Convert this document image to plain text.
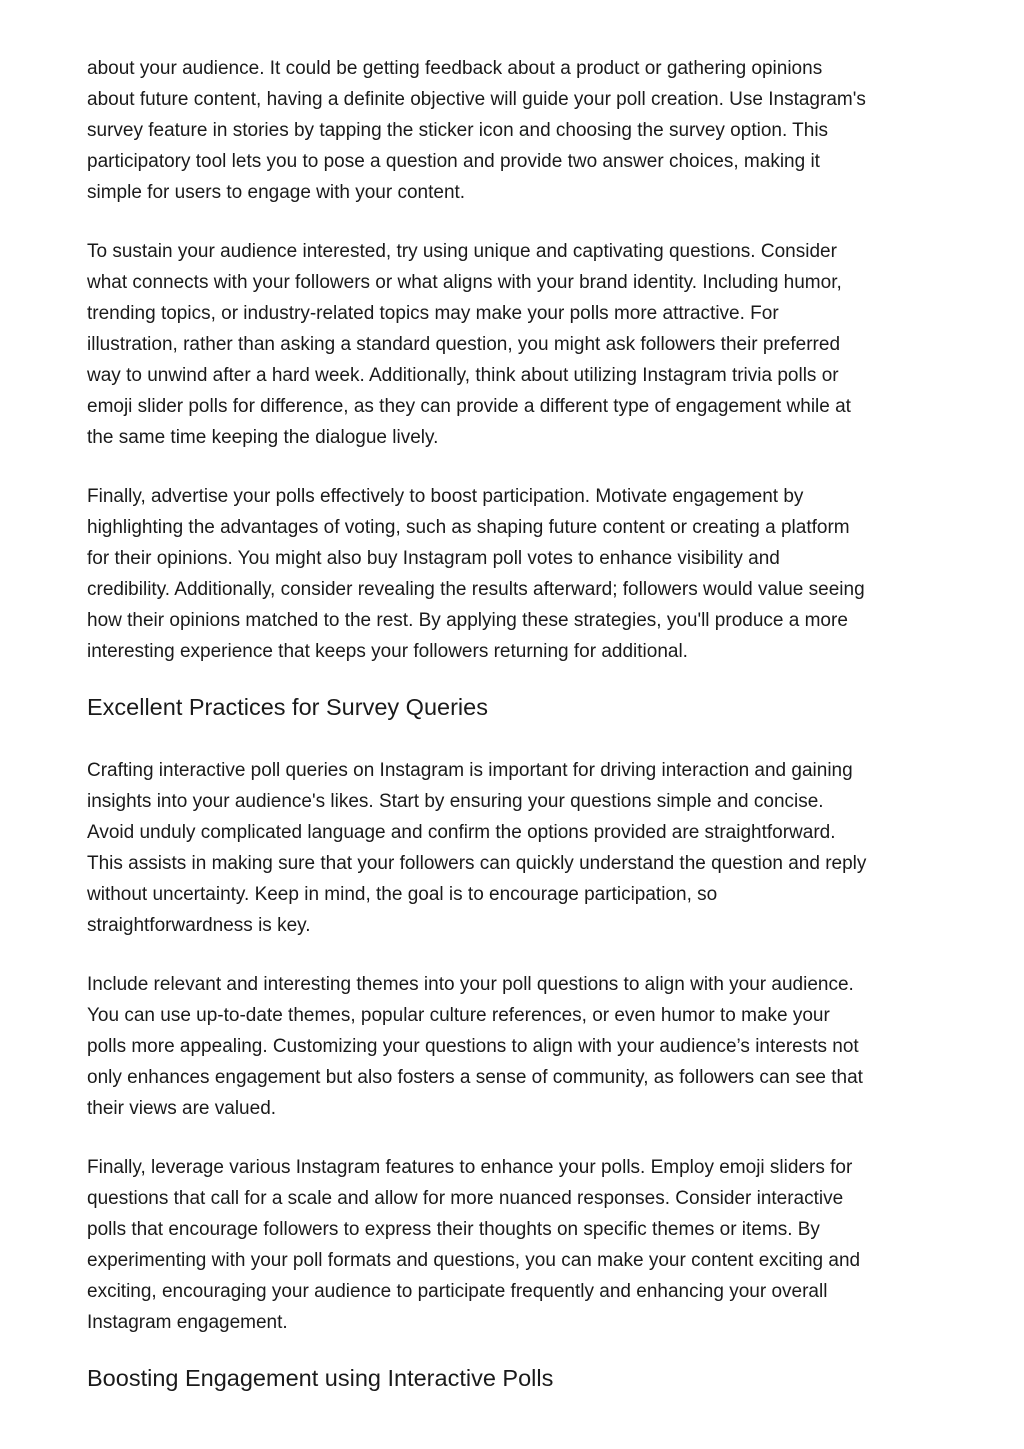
about your audience. It could be getting feedback about a product or gathering opinions
about future content, having a definite objective will guide your poll creation. Use Instagram's
survey feature in stories by tapping the sticker icon and choosing the survey option. This
participatory tool lets you to pose a question and provide two answer choices, making it
simple for users to engage with your content.

To sustain your audience interested, try using unique and captivating questions. Consider
what connects with your followers or what aligns with your brand identity. Including humor,
trending topics, or industry-related topics may make your polls more attractive. For
illustration, rather than asking a standard question, you might ask followers their preferred
way to unwind after a hard week. Additionally, think about utilizing Instagram trivia polls or
emoji slider polls for difference, as they can provide a different type of engagement while at
the same time keeping the dialogue lively.

Finally, advertise your polls effectively to boost participation. Motivate engagement by
highlighting the advantages of voting, such as shaping future content or creating a platform
for their opinions. You might also buy Instagram poll votes to enhance visibility and
credibility. Additionally, consider revealing the results afterward; followers would value seeing
how their opinions matched to the rest. By applying these strategies, you'll produce a more
interesting experience that keeps your followers returning for additional.

Excellent Practices for Survey Queries

Crafting interactive poll queries on Instagram is important for driving interaction and gaining
insights into your audience's likes. Start by ensuring your questions simple and concise.
Avoid unduly complicated language and confirm the options provided are straightforward.
This assists in making sure that your followers can quickly understand the question and reply
without uncertainty. Keep in mind, the goal is to encourage participation, so
straightforwardness is key.

Include relevant and interesting themes into your poll questions to align with your audience.
You can use up-to-date themes, popular culture references, or even humor to make your
polls more appealing. Customizing your questions to align with your audience’s interests not
only enhances engagement but also fosters a sense of community, as followers can see that
their views are valued.

Finally, leverage various Instagram features to enhance your polls. Employ emoji sliders for
questions that call for a scale and allow for more nuanced responses. Consider interactive
polls that encourage followers to express their thoughts on specific themes or items. By
experimenting with your poll formats and questions, you can make your content exciting and
exciting, encouraging your audience to participate frequently and enhancing your overall
Instagram engagement.

Boosting Engagement using Interactive Polls
